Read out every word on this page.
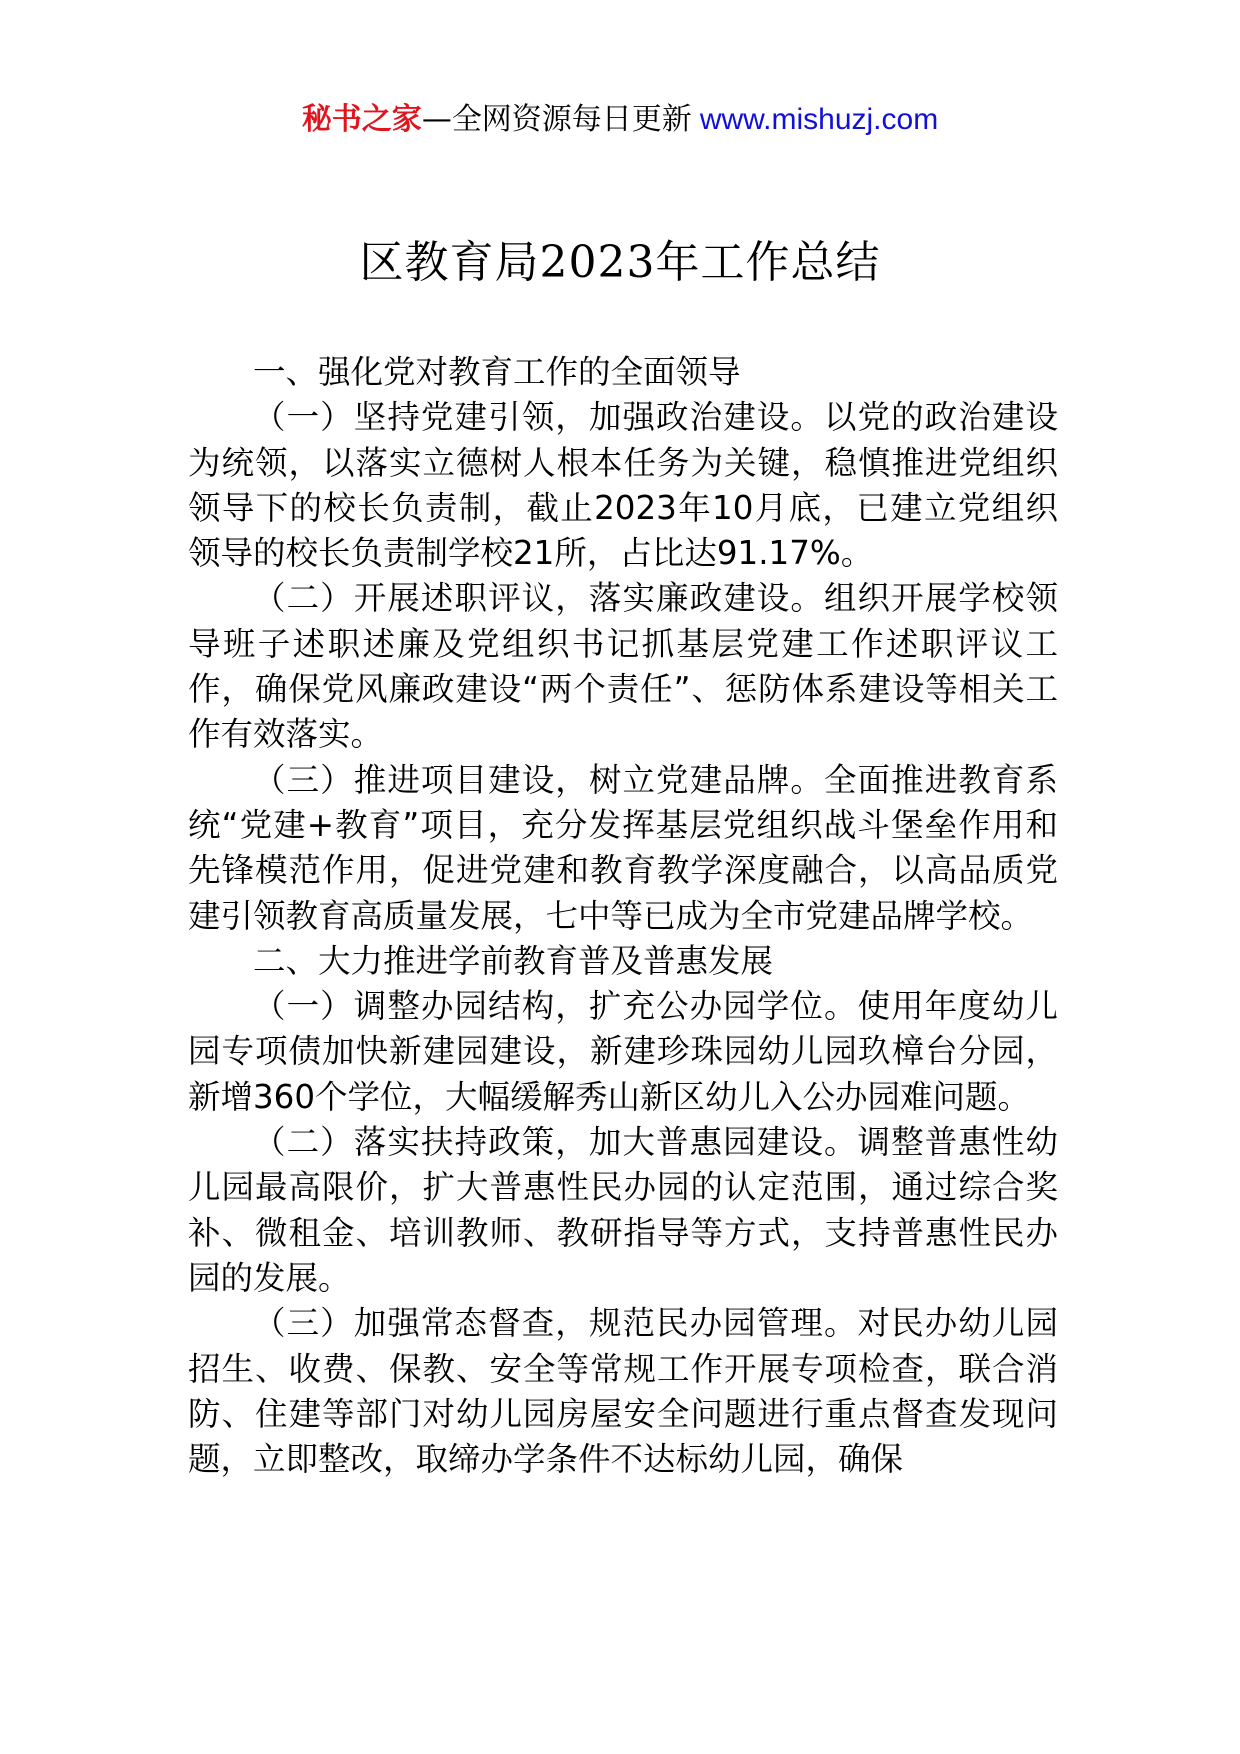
秘书之家—全网资源每日更新 www.mishuzj.com
区教育局2023年工作总结

一、强化党对教育工作的全面领导

（一）坚持党建引领，加强政治建设。以党的政治建设为统领，以落实立德树人根本任务为关键，稳慎推进党组织领导下的校长负责制，截止2023年10月底，已建立党组织领导的校长负责制学校21所，占比达91.17%。

（二）开展述职评议，落实廉政建设。组织开展学校领导班子述职述廉及党组织书记抓基层党建工作述职评议工作，确保党风廉政建设“两个责任”、惩防体系建设等相关工作有效落实。

（三）推进项目建设，树立党建品牌。全面推进教育系统“党建+教育”项目，充分发挥基层党组织战斗堡垒作用和先锋模范作用，促进党建和教育教学深度融合，以高品质党建引领教育高质量发展，七中等已成为全市党建品牌学校。

二、大力推进学前教育普及普惠发展

（一）调整办园结构，扩充公办园学位。使用年度幼儿园专项债加快新建园建设，新建珍珠园幼儿园玖樟台分园，新增360个学位，大幅缓解秀山新区幼儿入公办园难问题。

（二）落实扶持政策，加大普惠园建设。调整普惠性幼儿园最高限价，扩大普惠性民办园的认定范围，通过综合奖补、微租金、培训教师、教研指导等方式，支持普惠性民办园的发展。

（三）加强常态督查，规范民办园管理。对民办幼儿园招生、收费、保教、安全等常规工作开展专项检查，联合消防、住建等部门对幼儿园房屋安全问题进行重点督查发现问题，立即整改，取缔办学条件不达标幼儿园，确保
